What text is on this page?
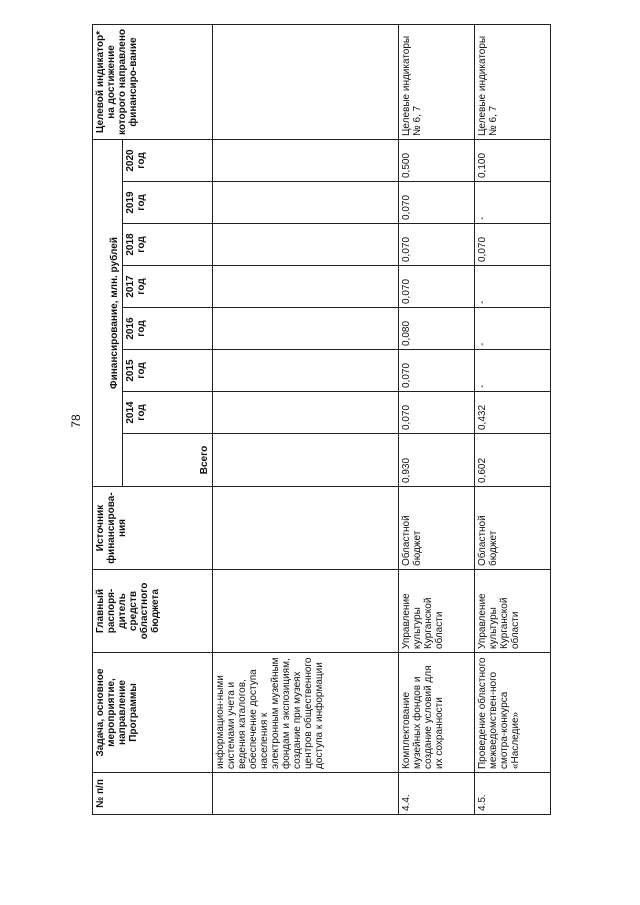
78
№ п/п	Задача, основное мероприятие, направление Программы	Главный распоря-дитель средств областного бюджета	Источник финансирова-ния	Финансирование, млн. рублей								Целевой индикатор* на достижение которого направлено финансиро-вание
				Всего	2014 год	2015 год	2016 год	2017 год	2018 год	2019 год	2020 год	
	информацион-ными системами учета и ведения каталогов, обеспечение доступа населения к электронным музейным фондам и экспозициям, создание при музеях центров общественного доступа к информации											
4.4.	Комплектование музейных фондов и создание условий для их сохранности	Управление культуры Курганской области	Областной бюджет	0,930	0,070	0,070	0,080	0,070	0,070	0,070	0,500	Целевые индикаторы № 6, 7
4.5.	Проведение областного межведомствен-ного смотра-конкурса «Наследие»	Управление культуры Курганской области	Областной бюджет	0,602	0,432	-	-	-	0,070	-	0,100	Целевые индикаторы № 6, 7
